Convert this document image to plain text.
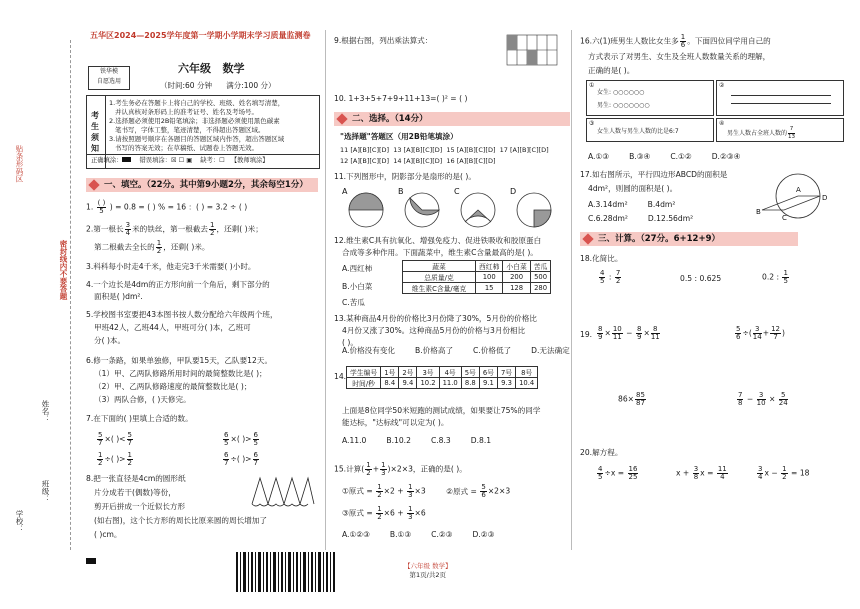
贴条形码区
密封线内不要答题
学校：
班级：
姓名：
五华区2024—2025学年度第一学期小学期末学习质量监测卷
铁华模
自愿选用
六年级   数学
（时间:60 分钟      满分:100 分）
考生须知
1.考生务必在答题卡上将自己的学校、班级、姓名填写清楚，
并认真核对条形码上的准考证号、姓名及考场号。
2.选择题必须使用2B铅笔填涂；非选择题必须使用黑色碳素
笔书写，字体工整，笔迹清楚，不得超出答题区域。
3.请按照题号顺序在各题目的答题区域内作答，超出答题区域
书写的答案无效；在草稿纸、试题卷上答题无效。
正确填涂：	错误填涂：☒ ☐ ▣ 缺考：☐ 【教师填涂】
一、填空。（22分。其中第9小题2分，其余每空1分）
1. $\frac{( )}{5}$ ) = 0.8 = ( ) % = 16 ：( ) = 3.2 ÷ ( )
2.第一根长 $\frac{3}{4}$ 米的铁丝，第一根截去 $\frac{1}{2}$ ，还剩( )米；
第二根截去全长的 $\frac{1}{2}$ ，还剩( )米。
3.科科每小时走4千米，他走完3千米需要( )小时。
4.一个边长是4dm的正方形向前一个角后，剩下部分的
面积是( )dm².
5.学校图书室要把43本图书按人数分配给六年级两个班，
甲班42人，乙班44人，甲班可分( )本，乙班可
分( )本。
6.修一条路，如果单独修，甲队要15天，乙队要12天。
（1）甲、乙两队修路所用时间的最简整数比是( )；
（2）甲、乙两队修路速度的最简整数比是( )；
（3）两队合修，( )天修完。
7.在下面的( )里填上合适的数。
$\frac{5}{7}$ ×( )< $\frac{5}{7}$	$\frac{6}{5}$ ×( )> $\frac{6}{5}$
$\frac{1}{2}$ ÷( )> $\frac{1}{2}$	$\frac{6}{7}$ ÷( )> $\frac{6}{7}$
8.把一张直径是4cm的圆形纸
片分成若干(偶数)等份，
剪开后拼成一个近似长方形
(如右图)，这个长方形的周长比原来圆的周长增加了
( )cm。
9.根据右图，列出乘法算式：
10. 1+3+5+7+9+11+13=( )² = ( )
二、选择。（14分）
"选择题"答题区（用2B铅笔填涂）
11 [A][B][C][D]  13 [A][B][C][D]  15 [A][B][C][D]  17 [A][B][C][D]
12 [A][B][C][D]  14 [A][B][C][D]  16 [A][B][C][D]
11.下列图形中，阴影部分是扇形的是( )。
A	B	C	D
12.维生素C具有抗氧化、增强免疫力、促进铁吸收和胶原蛋白
合成等多种作用。下面蔬菜中，维生素C含量最高的是( )。
A.西红柿
B.小白菜
C.苦瓜
蔬菜	西红柿	小白菜	苦瓜
总质量/克	100	200	500
维生素C含量/毫克	15	128	280
13.某种商品4月份的价格比3月份降了30%，5月份的价格比
4月份又涨了30%。这种商品5月份的价格与3月份相比
( )。
A.价格没有变化	B.价格高了	C.价格低了	D.无法确定
14. 学生编号	1号	2号	3号	4号	5号	6号	7号	8号
时间/秒	8.4	9.4	10.2	11.0	8.8	9.1	9.3	10.4
上面是8位同学50米短跑的测试成绩，如果要让75%的同学
能达标，"达标线"可以定为( )。
A.11.0	B.10.2	C.8.3	D.8.1
15.计算( $\frac{1}{2} + \frac{1}{3} )\times 2\times 3$，正确的是( )。
①原式 = $\frac{1}{2} \times 2 + \frac{1}{3} \times 3$ ②原式 = $\frac{5}{6} \times 2\times 3$
③原式 = $\frac{1}{2} \times 6 + \frac{1}{3} \times 6$
A.①②③	B.①③	C.②③	D.②③
16.六(1)班男生人数比女生多 $\frac{1}{6}$ 。下面四位同学用自己的
方式表示了对男生、女生及全班人数数量关系的理解，
正确的是( )。
①
女生: ○○○○○○
男生: ○○○○○○○
②
③
女生人数与男生人数的比是6:7
④
男生人数占全班人数的 $\frac{7}{13}$
A.①③	B.③④	C.①②	D.②③④
17.如右图所示，平行四边形ABCD的面积是
4dm²，则圆的面积是( )。
A.3.14dm²	B.4dm²
C.6.28dm²	D.12.56dm²
B
A
D
C
三、计算。（27分。6+12+9）
18.化简比。
$\frac{4}{5}$ : $\frac{7}{2}$	0.5 : 0.625	0.2 : $\frac{1}{5}$
19. $\frac{8}{9} \times \frac{10}{11} - \frac{8}{9} \times \frac{8}{11}$	$\frac{5}{6}$ ÷( $\frac{3}{14} + \frac{12}{7}$ )
$86\times \frac{85}{87}$	$\frac{7}{8} - \frac{3}{10} \times \frac{5}{24}$
20.解方程。
$\frac{4}{5} \div x = \frac{16}{25}$	$x + \frac{3}{8}$ $x = \frac{11}{4}$	$\frac{3}{4}$ $x - \frac{1}{2} = 18$
【六年级 数学】
第1页/共2页
